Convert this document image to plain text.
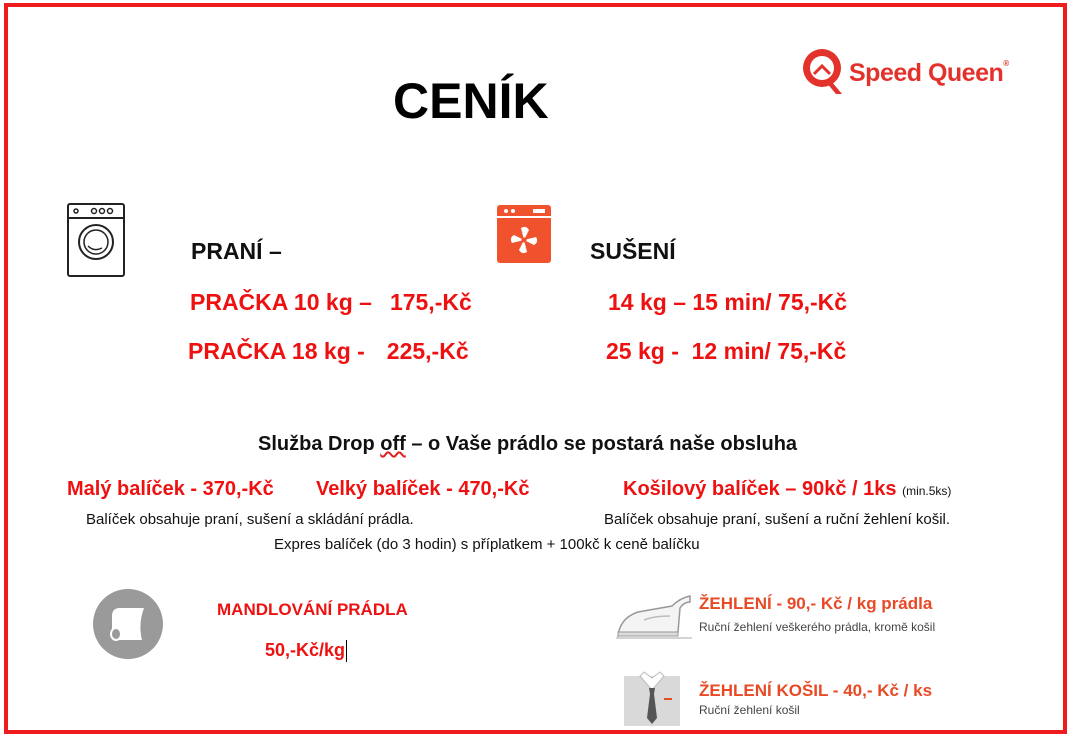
CENÍK	Speed Queen®
PRANÍ –
PRAČKA 10 kg – 175,-Kč
PRAČKA 18 kg - 225,-Kč
SUŠENÍ
14 kg – 15 min/ 75,-Kč
25 kg -  12 min/ 75,-Kč
Služba Drop off – o Vaše prádlo se postará naše obsluha
Malý balíček - 370,-Kč Velký balíček - 470,-Kč	Košilový balíček – 90kč / 1ks (min.5ks)
Balíček obsahuje praní, sušení a skládání prádla.	Balíček obsahuje praní, sušení a ruční žehlení košil.
Expres balíček (do 3 hodin) s příplatkem + 100kč k ceně balíčku
MANDLOVÁNÍ PRÁDLA
50,-Kč/kg
ŽEHLENÍ - 90,- Kč / kg prádla
Ruční žehlení veškerého prádla, kromě košil
ŽEHLENÍ KOŠIL - 40,- Kč / ks
Ruční žehlení košil
